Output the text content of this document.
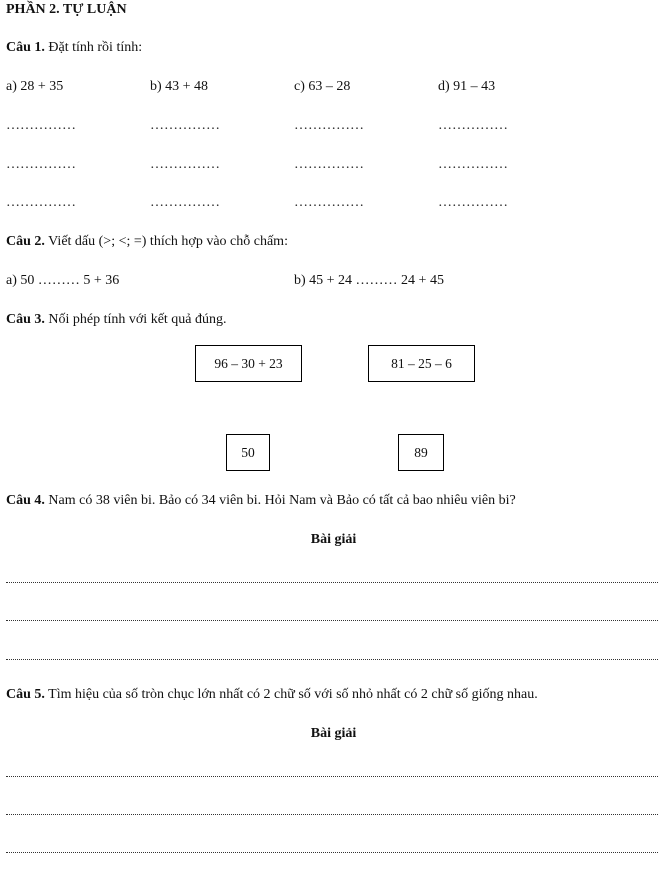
PHẦN 2. TỰ LUẬN
Câu 1. Đặt tính rồi tính:
a) 28 + 35	b) 43 + 48	c) 63 – 28	d) 91 – 43
……………	……………	……………	……………
……………	……………	……………	……………
……………	……………	……………	……………
Câu 2. Viết dấu (>; <; =) thích hợp vào chỗ chấm:
a) 50 ……… 5 + 36	b) 45 + 24 ……… 24 + 45
Câu 3. Nối phép tính với kết quả đúng.
96 – 30 + 23	81 – 25 – 6
50	89
Câu 4. Nam có 38 viên bi. Bảo có 34 viên bi. Hỏi Nam và Bảo có tất cả bao nhiêu viên bi?
Bài giải
Câu 5. Tìm hiệu của số tròn chục lớn nhất có 2 chữ số với số nhỏ nhất có 2 chữ số giống nhau.
Bài giải
